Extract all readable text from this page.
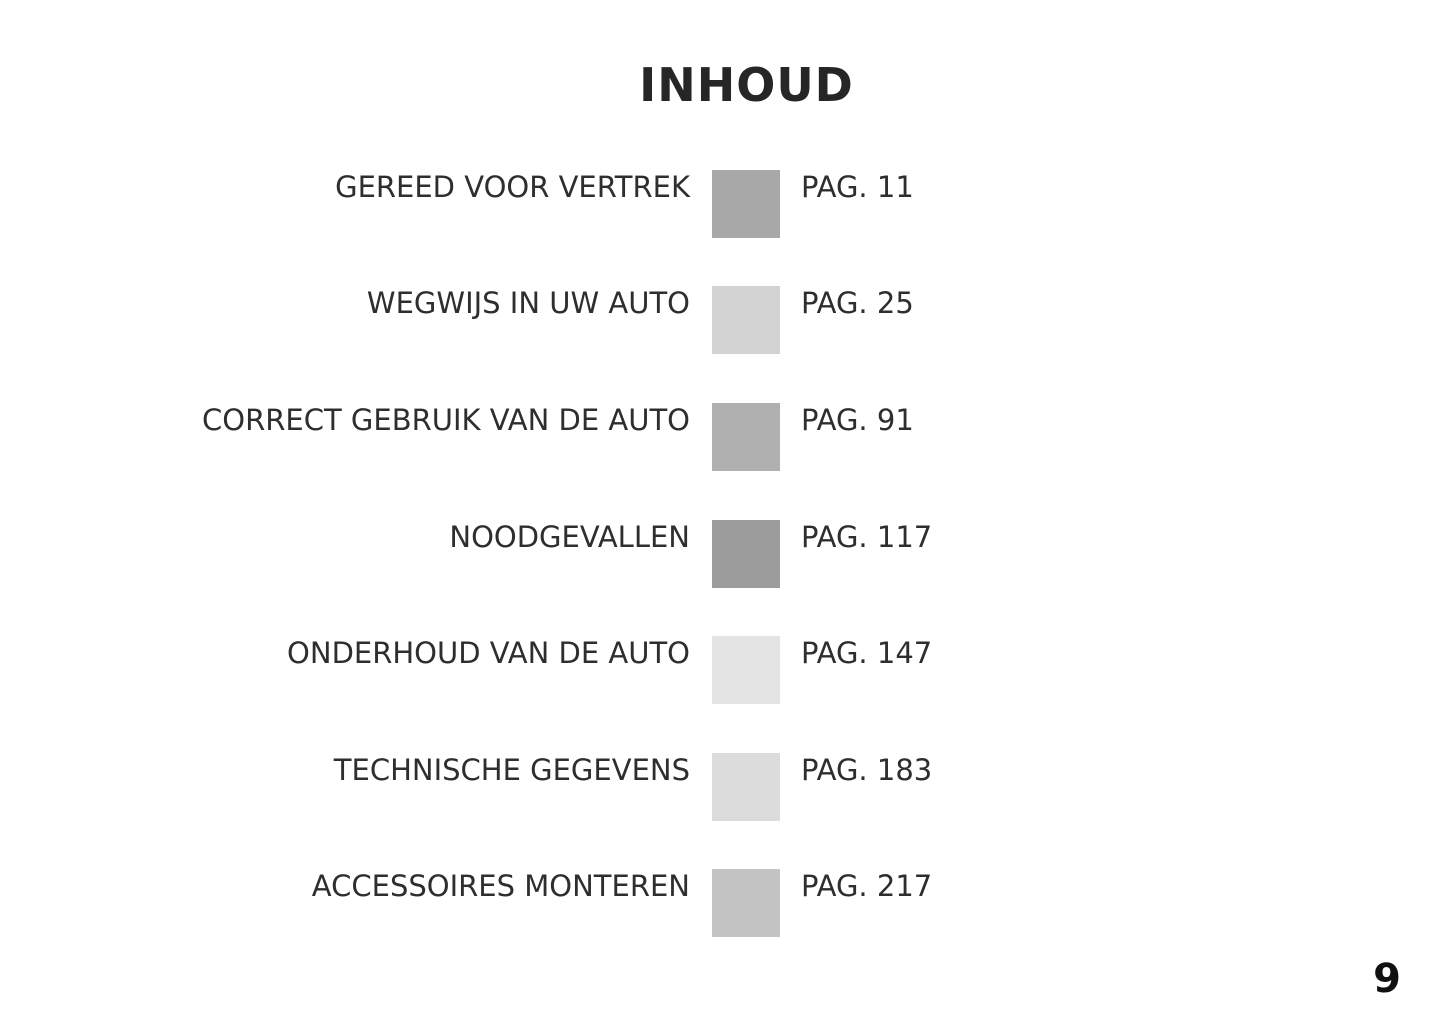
INHOUD
GEREED VOOR VERTREK	PAG. 11
WEGWIJS IN UW AUTO	PAG. 25
CORRECT GEBRUIK VAN DE AUTO	PAG. 91
NOODGEVALLEN	PAG. 117
ONDERHOUD VAN DE AUTO	PAG. 147
TECHNISCHE GEGEVENS	PAG. 183
ACCESSOIRES MONTEREN	PAG. 217
9
